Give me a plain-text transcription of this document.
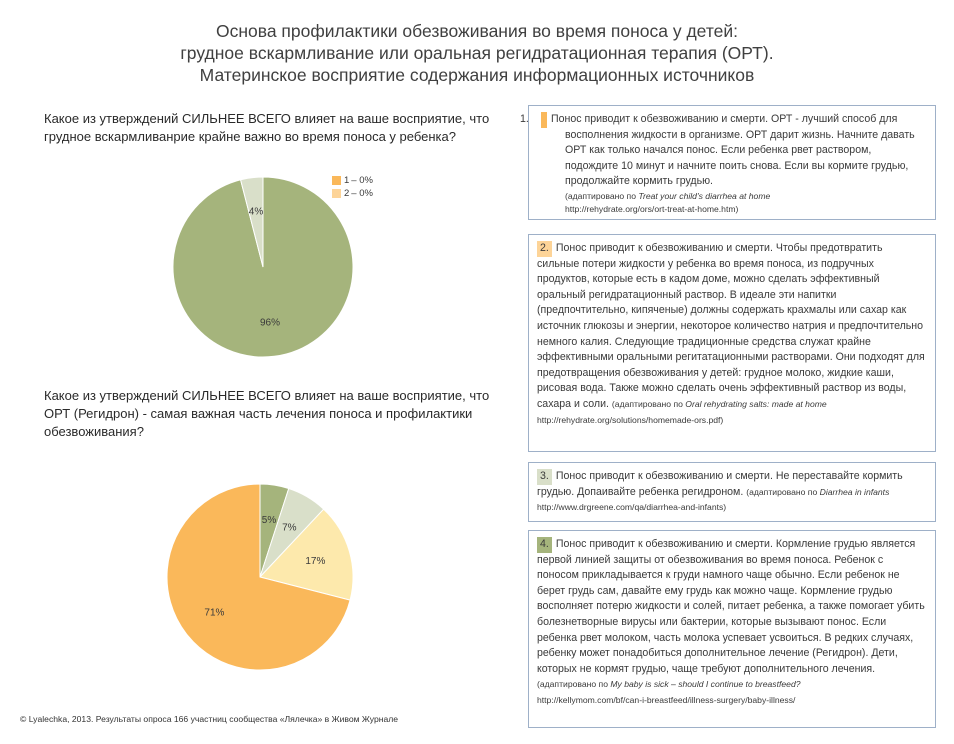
Основа профилактики обезвоживания во время поноса у детей:
грудное вскармливание или оральная регидратационная терапия (ОРТ).
Материнское восприятие содержания информационных источников
Какое из утверждений СИЛЬНЕЕ ВСЕГО влияет на ваше восприятие, что грудное вскармливанрие крайне важно во время поноса у ребенка?
96%
4%
1 – 0%
2 – 0%
Какое из утверждений СИЛЬНЕЕ ВСЕГО влияет на ваше восприятие, что ОРТ (Регидрон) - самая важная часть лечения поноса и профилактики обезвоживания?
5%
7%
17%
71%
1. Понос приводит к обезвоживанию и смерти. ОРТ - лучший способ для восполнения жидкости в организме. ОРТ дарит жизнь. Начните давать ОРТ как только начался понос. Если ребенка рвет раствором, подождите 10 минут и начните поить снова. Если вы кормите грудью, продолжайте кормить грудью.
(адаптировано по Treat your child's diarrhea at home
http://rehydrate.org/ors/ort-treat-at-home.htm)
2. Понос приводит к обезвоживанию и смерти. Чтобы предотвратить сильные потери жидкости у ребенка во время поноса, из подручных продуктов, которые есть в кадом доме, можно сделать эффективный оральный регидратационный раствор. В идеале эти напитки (предпочтительно, кипяченые) должны содержать крахмалы или сахар как источник глюкозы и энергии, некоторое количество натрия и предпочтительно немного калия. Следующие традиционные средства служат крайне эффективными оральными регитатационными растворами. Они подходят для предотвращения обезвоживания у детей: грудное молоко, жидкие каши, рисовая вода. Также можно сделать очень эффективный раствор из воды, сахара и соли. (адаптировано по Oral rehydrating salts: made at home http://rehydrate.org/solutions/homemade-ors.pdf)
3. Понос приводит к обезвоживанию и смерти. Не переставайте кормить грудью. Допаивайте ребенка регидроном. (адаптировано по Diarrhea in infants http://www.drgreene.com/qa/diarrhea-and-infants)
4. Понос приводит к обезвоживанию и смерти. Кормление грудью является первой линией защиты от обезвоживания во время поноса. Ребенок с поносом прикладывается к груди намного чаще обычно. Если ребенок не берет грудь сам, давайте ему грудь как можно чаще. Кормление грудью восполняет потерю жидкости и солей, питает ребенка, а также помогает убить болезнетворные вирусы или бактерии, которые вызывают понос. Если ребенка рвет молоком, часть молока успевает усвоиться. В редких случаях, ребенку может понадобиться дополнительное лечение (Регидрон). Дети, которых не кормят грудью, чаще требуют дополнительного лечения. (адаптировано по My baby is sick – should I continue to breastfeed?
http://kellymom.com/bf/can-i-breastfeed/illness-surgery/baby-illness/
© Lyalechka, 2013. Результаты опроса 166 участниц сообщества «Лялечка» в Живом Журнале
